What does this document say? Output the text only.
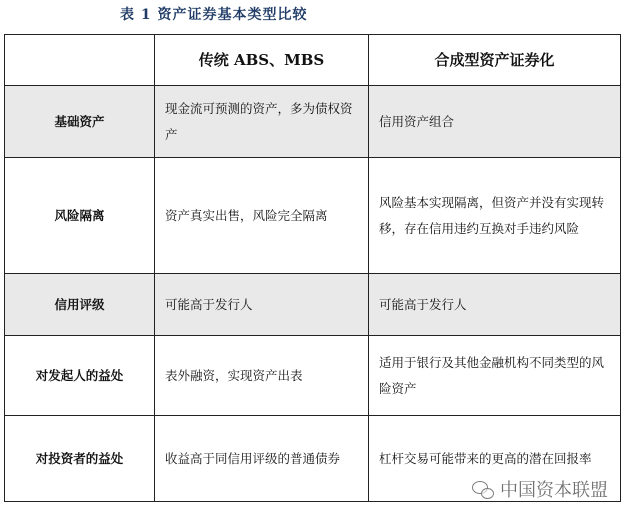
表 1 资产证券基本类型比较
	传统 ABS、MBS	合成型资产证券化
基础资产	现金流可预测的资产，多为债权资产	信用资产组合
风险隔离	资产真实出售，风险完全隔离	风险基本实现隔离，但资产并没有实现转移，存在信用违约互换对手违约风险
信用评级	可能高于发行人	可能高于发行人
对发起人的益处	表外融资，实现资产出表	适用于银行及其他金融机构不同类型的风险资产
对投资者的益处	收益高于同信用评级的普通债券	杠杆交易可能带来的更高的潜在回报率
中国资本联盟
